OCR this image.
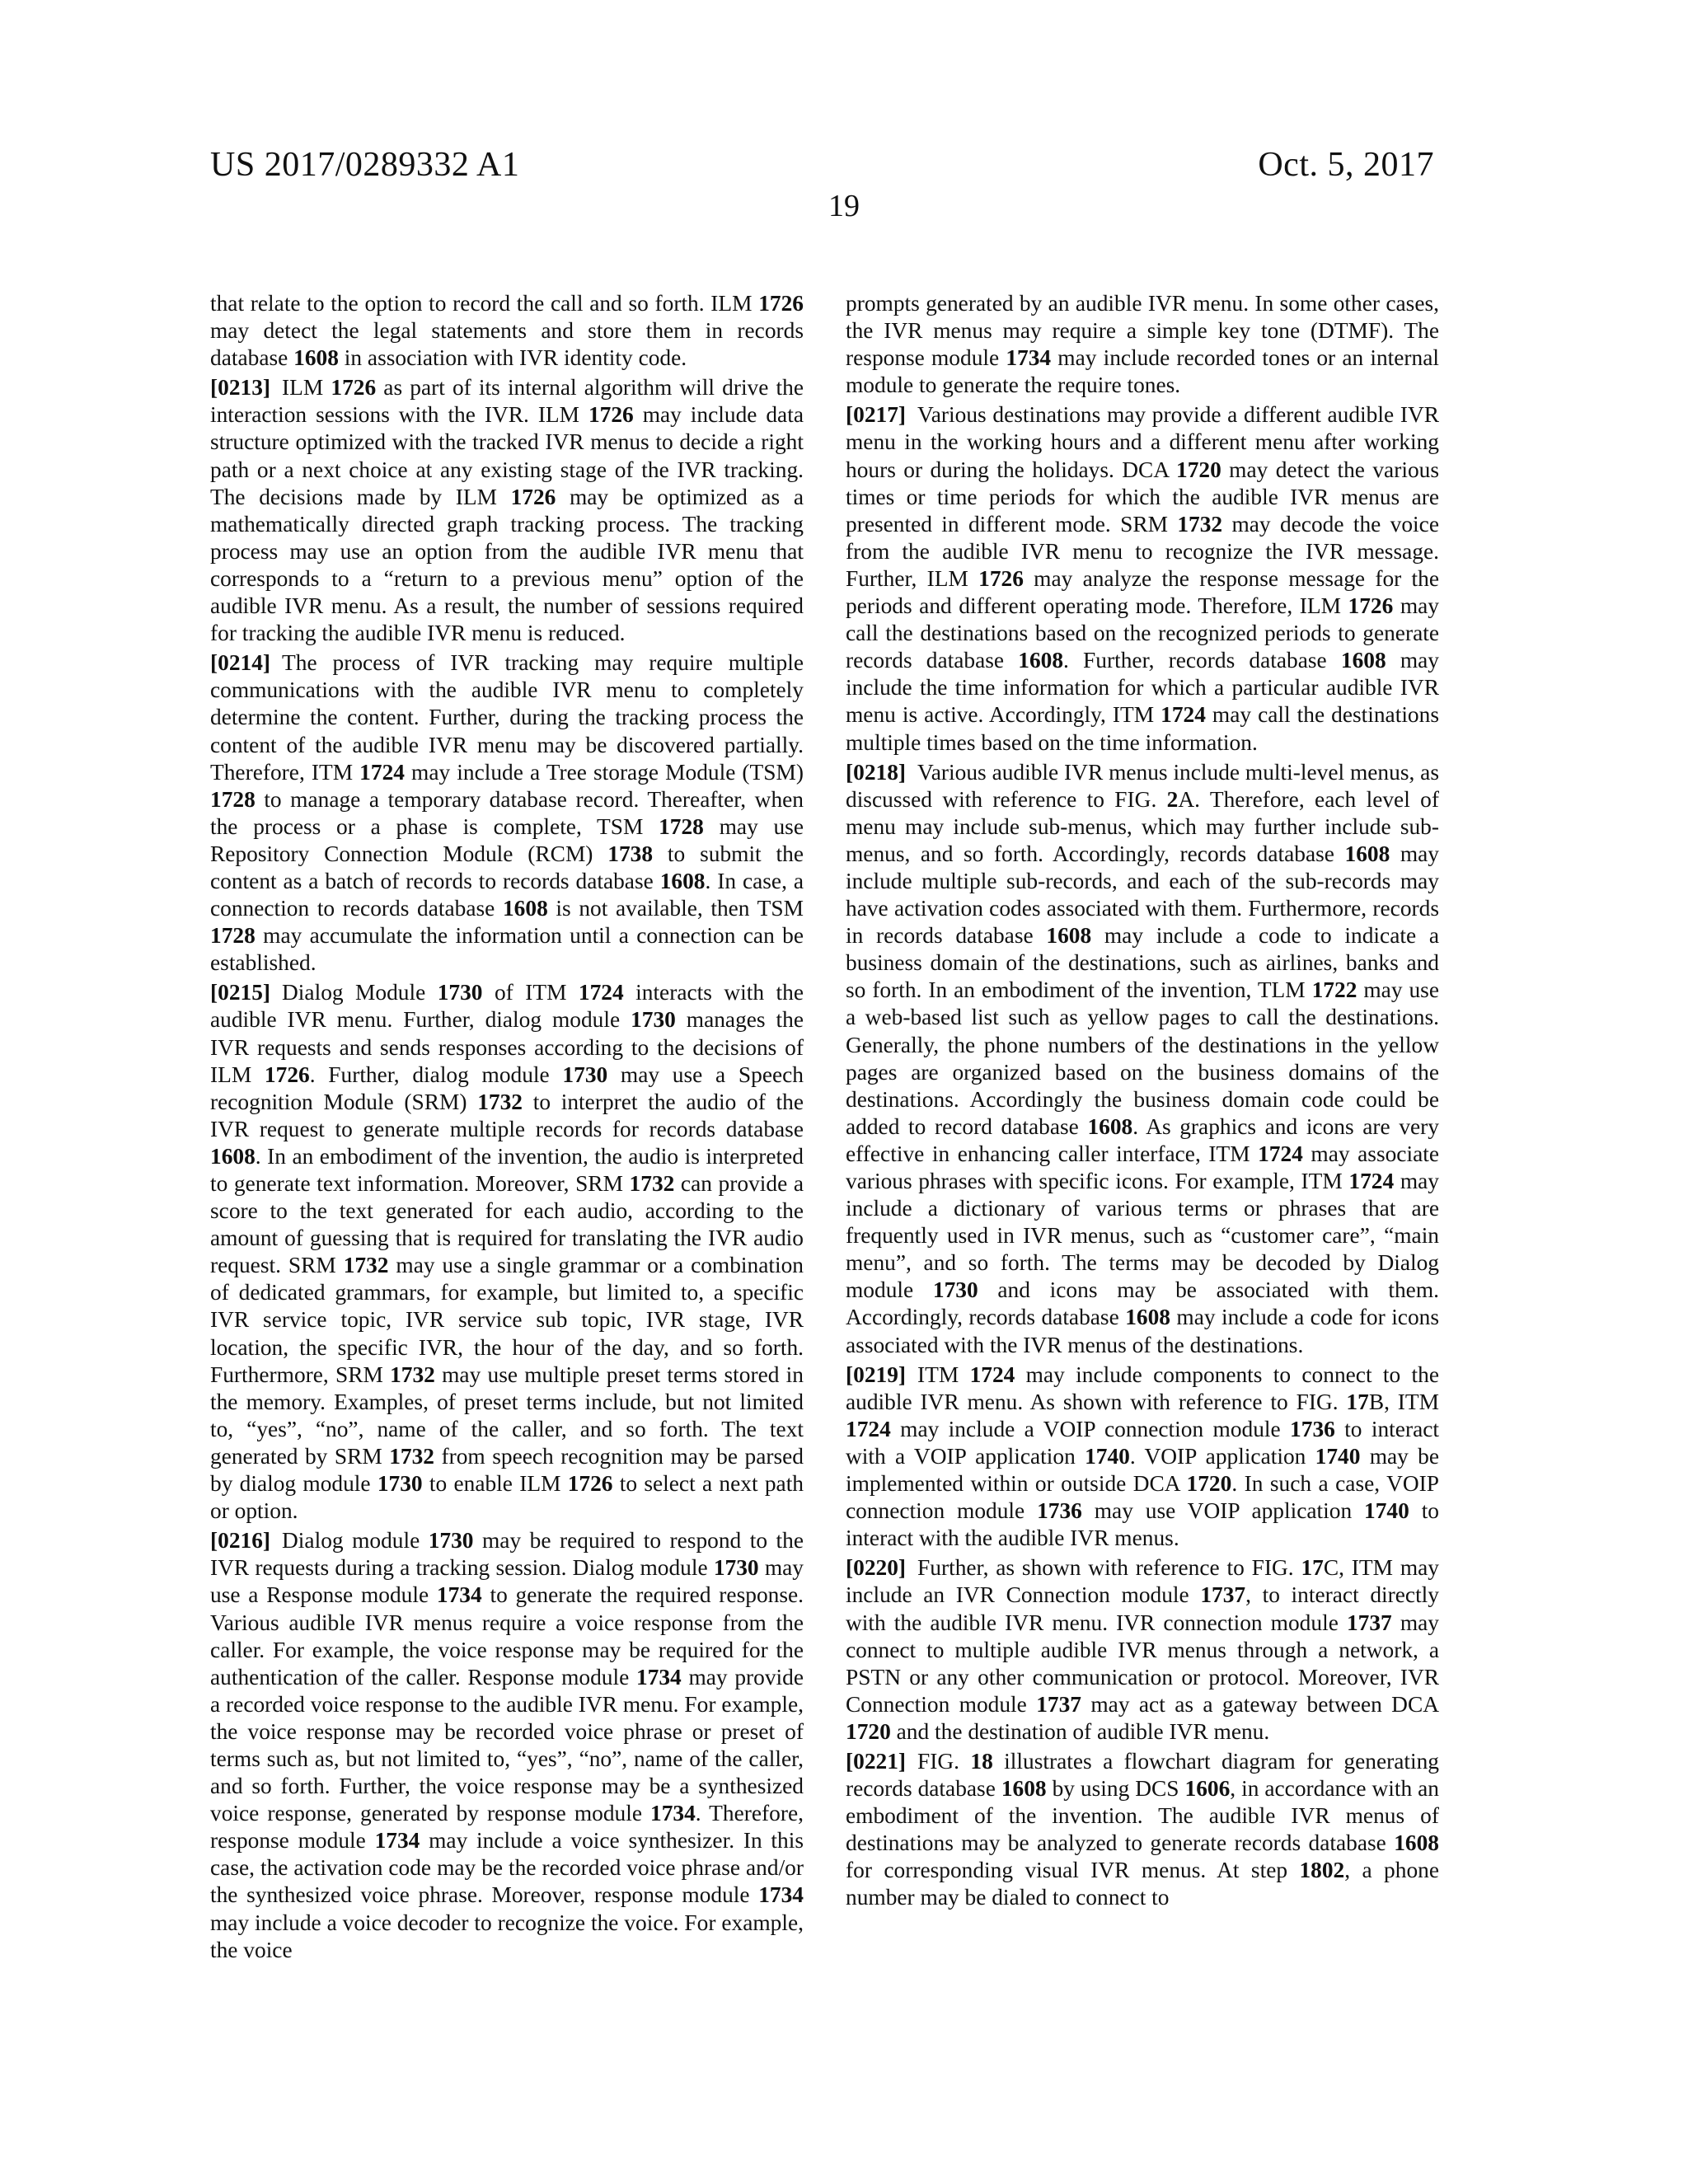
US 2017/0289332 A1	Oct. 5, 2017
19

that relate to the option to record the call and so forth. ILM 1726 may detect the legal statements and store them in records database 1608 in association with IVR identity code.

[0213] ILM 1726 as part of its internal algorithm will drive the interaction sessions with the IVR. ILM 1726 may include data structure optimized with the tracked IVR menus to decide a right path or a next choice at any existing stage of the IVR tracking. The decisions made by ILM 1726 may be optimized as a mathematically directed graph tracking process. The tracking process may use an option from the audible IVR menu that corresponds to a “return to a previous menu” option of the audible IVR menu. As a result, the number of sessions required for tracking the audible IVR menu is reduced.

[0214] The process of IVR tracking may require multiple communications with the audible IVR menu to completely determine the content. Further, during the tracking process the content of the audible IVR menu may be discovered partially. Therefore, ITM 1724 may include a Tree storage Module (TSM) 1728 to manage a temporary database record. Thereafter, when the process or a phase is complete, TSM 1728 may use Repository Connection Module (RCM) 1738 to submit the content as a batch of records to records database 1608. In case, a connection to records database 1608 is not available, then TSM 1728 may accumulate the information until a connection can be established.

[0215] Dialog Module 1730 of ITM 1724 interacts with the audible IVR menu. Further, dialog module 1730 manages the IVR requests and sends responses according to the decisions of ILM 1726. Further, dialog module 1730 may use a Speech recognition Module (SRM) 1732 to interpret the audio of the IVR request to generate multiple records for records database 1608. In an embodiment of the invention, the audio is interpreted to generate text information. Moreover, SRM 1732 can provide a score to the text generated for each audio, according to the amount of guessing that is required for translating the IVR audio request. SRM 1732 may use a single grammar or a combination of dedicated grammars, for example, but limited to, a specific IVR service topic, IVR service sub topic, IVR stage, IVR location, the specific IVR, the hour of the day, and so forth. Furthermore, SRM 1732 may use multiple preset terms stored in the memory. Examples, of preset terms include, but not limited to, “yes”, “no”, name of the caller, and so forth. The text generated by SRM 1732 from speech recognition may be parsed by dialog module 1730 to enable ILM 1726 to select a next path or option.

[0216] Dialog module 1730 may be required to respond to the IVR requests during a tracking session. Dialog module 1730 may use a Response module 1734 to generate the required response. Various audible IVR menus require a voice response from the caller. For example, the voice response may be required for the authentication of the caller. Response module 1734 may provide a recorded voice response to the audible IVR menu. For example, the voice response may be recorded voice phrase or preset of terms such as, but not limited to, “yes”, “no”, name of the caller, and so forth. Further, the voice response may be a synthesized voice response, generated by response module 1734. Therefore, response module 1734 may include a voice synthesizer. In this case, the activation code may be the recorded voice phrase and/or the synthesized voice phrase. Moreover, response module 1734 may include a voice decoder to recognize the voice. For example, the voice

prompts generated by an audible IVR menu. In some other cases, the IVR menus may require a simple key tone (DTMF). The response module 1734 may include recorded tones or an internal module to generate the require tones.

[0217] Various destinations may provide a different audible IVR menu in the working hours and a different menu after working hours or during the holidays. DCA 1720 may detect the various times or time periods for which the audible IVR menus are presented in different mode. SRM 1732 may decode the voice from the audible IVR menu to recognize the IVR message. Further, ILM 1726 may analyze the response message for the periods and different operating mode. Therefore, ILM 1726 may call the destinations based on the recognized periods to generate records database 1608. Further, records database 1608 may include the time information for which a particular audible IVR menu is active. Accordingly, ITM 1724 may call the destinations multiple times based on the time information.

[0218] Various audible IVR menus include multi-level menus, as discussed with reference to FIG. 2A. Therefore, each level of menu may include sub-menus, which may further include sub-menus, and so forth. Accordingly, records database 1608 may include multiple sub-records, and each of the sub-records may have activation codes associated with them. Furthermore, records in records database 1608 may include a code to indicate a business domain of the destinations, such as airlines, banks and so forth. In an embodiment of the invention, TLM 1722 may use a web-based list such as yellow pages to call the destinations. Generally, the phone numbers of the destinations in the yellow pages are organized based on the business domains of the destinations. Accordingly the business domain code could be added to record database 1608. As graphics and icons are very effective in enhancing caller interface, ITM 1724 may associate various phrases with specific icons. For example, ITM 1724 may include a dictionary of various terms or phrases that are frequently used in IVR menus, such as “customer care”, “main menu”, and so forth. The terms may be decoded by Dialog module 1730 and icons may be associated with them. Accordingly, records database 1608 may include a code for icons associated with the IVR menus of the destinations.

[0219] ITM 1724 may include components to connect to the audible IVR menu. As shown with reference to FIG. 17B, ITM 1724 may include a VOIP connection module 1736 to interact with a VOIP application 1740. VOIP application 1740 may be implemented within or outside DCA 1720. In such a case, VOIP connection module 1736 may use VOIP application 1740 to interact with the audible IVR menus.

[0220] Further, as shown with reference to FIG. 17C, ITM may include an IVR Connection module 1737, to interact directly with the audible IVR menu. IVR connection module 1737 may connect to multiple audible IVR menus through a network, a PSTN or any other communication or protocol. Moreover, IVR Connection module 1737 may act as a gateway between DCA 1720 and the destination of audible IVR menu.

[0221] FIG. 18 illustrates a flowchart diagram for generating records database 1608 by using DCS 1606, in accordance with an embodiment of the invention. The audible IVR menus of destinations may be analyzed to generate records database 1608 for corresponding visual IVR menus. At step 1802, a phone number may be dialed to connect to
